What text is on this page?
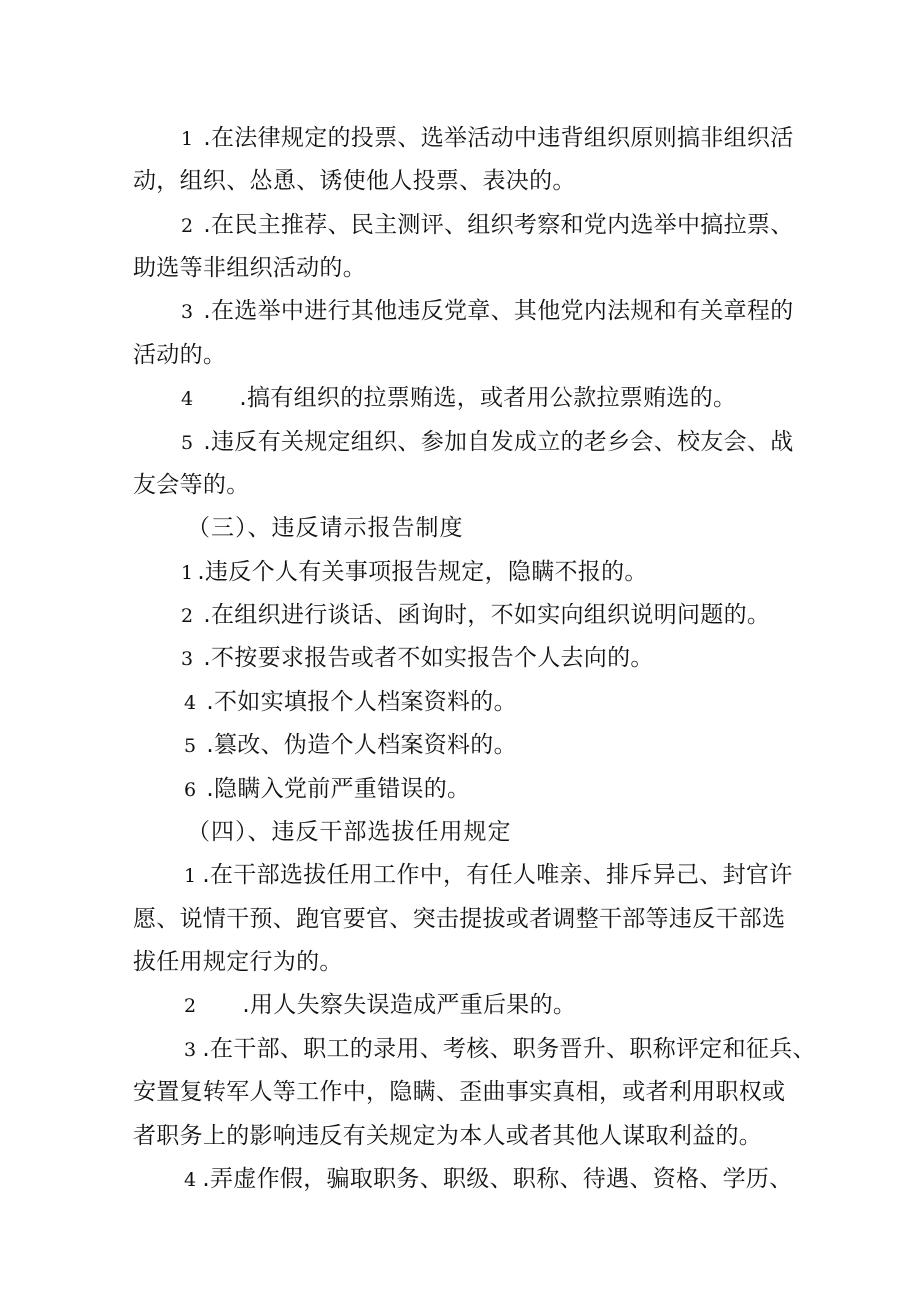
1 .在法律规定的投票、选举活动中违背组织原则搞非组织活

动，组织、怂恿、诱使他人投票、表决的。

2 .在民主推荐、民主测评、组织考察和党内选举中搞拉票、

助选等非组织活动的。

3 .在选举中进行其他违反党章、其他党内法规和有关章程的

活动的。

4 .搞有组织的拉票贿选，或者用公款拉票贿选的。

5 .违反有关规定组织、参加自发成立的老乡会、校友会、战

友会等的。

（三）、违反请示报告制度

1 .违反个人有关事项报告规定，隐瞒不报的。

2 .在组织进行谈话、函询时，不如实向组织说明问题的。

3 .不按要求报告或者不如实报告个人去向的。

4 .不如实填报个人档案资料的。

5 .篡改、伪造个人档案资料的。

6 .隐瞒入党前严重错误的。

（四）、违反干部选拔任用规定

1 .在干部选拔任用工作中，有任人唯亲、排斥异己、封官许

愿、说情干预、跑官要官、突击提拔或者调整干部等违反干部选

拔任用规定行为的。

2 .用人失察失误造成严重后果的。

3 .在干部、职工的录用、考核、职务晋升、职称评定和征兵、

安置复转军人等工作中，隐瞒、歪曲事实真相，或者利用职权或

者职务上的影响违反有关规定为本人或者其他人谋取利益的。

4 .弄虚作假，骗取职务、职级、职称、待遇、资格、学历、
